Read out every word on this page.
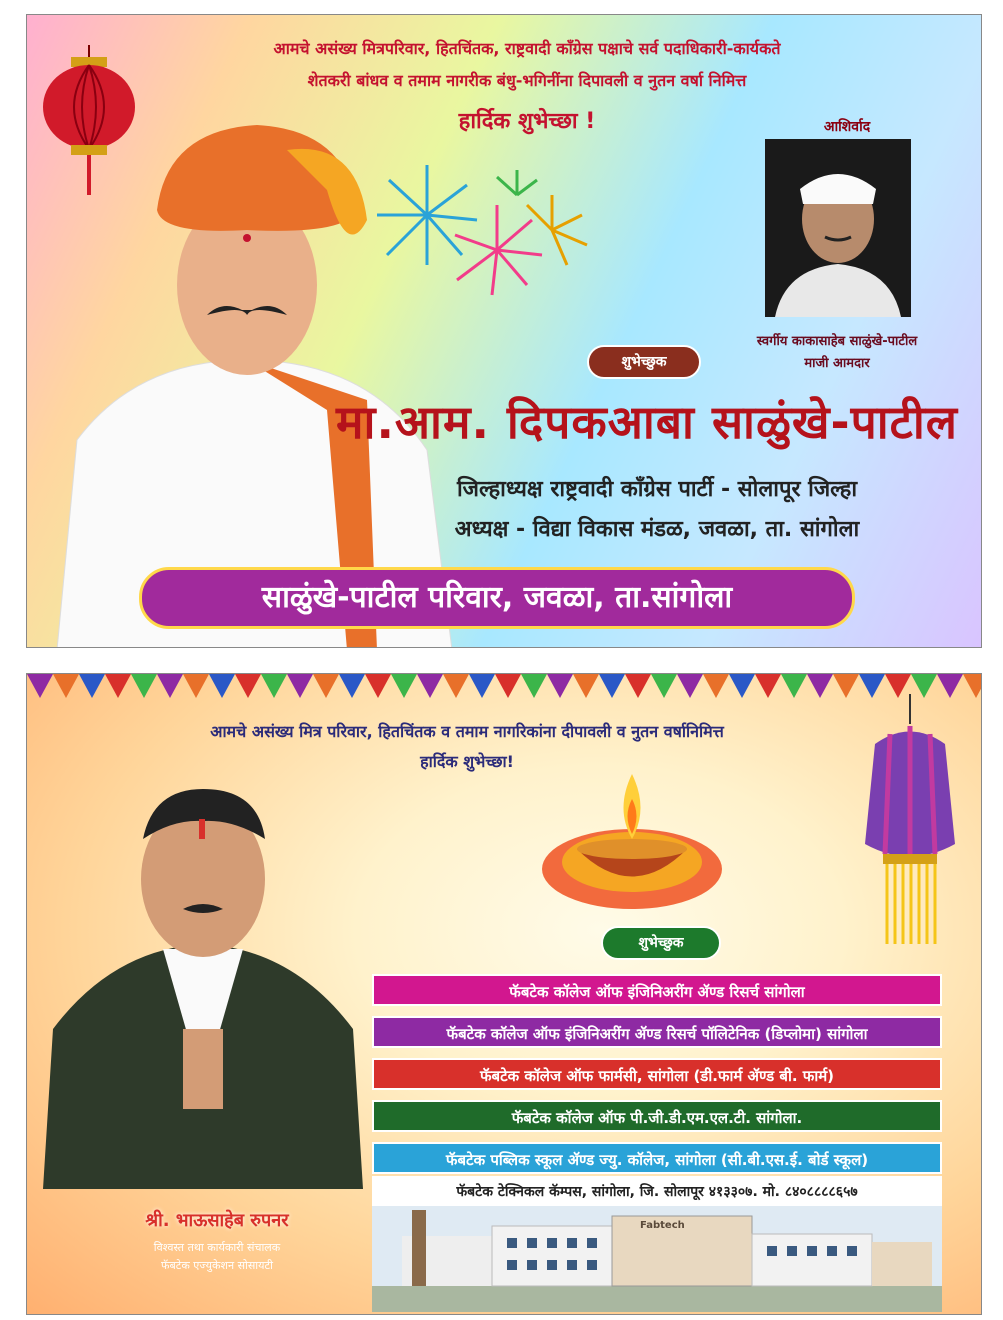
आमचे असंख्य मित्रपरिवार, हितचिंतक, राष्ट्रवादी कॉंग्रेस पक्षाचे सर्व पदाधिकारी-कार्यकते
शेतकरी बांधव व तमाम नागरीक बंधु-भगिनींना दिपावली व नुतन वर्षा निमित्त
हार्दिक शुभेच्छा !	आशिर्वाद
स्वर्गीय काकासाहेब साळुंखे-पाटील
माजी आमदार
शुभेच्छुक
मा.आम. दिपकआबा साळुंखे-पाटील
जिल्हाध्यक्ष राष्ट्रवादी कॉंग्रेस पार्टी - सोलापूर जिल्हा
अध्यक्ष - विद्या विकास मंडळ, जवळा, ता. सांगोला
साळुंखे-पाटील परिवार, जवळा, ता.सांगोला
आमचे असंख्य मित्र परिवार, हितचिंतक व तमाम नागरिकांना दीपावली व नुतन वर्षानिमित्त
हार्दिक शुभेच्छा!
शुभेच्छुक
श्री. भाऊसाहेब रुपनर
विश्वस्त तथा कार्यकारी संचालक
फॅबटेक एज्युकेशन सोसायटी
फॅबटेक कॉलेज ऑफ इंजिनिअरींग ॲण्ड रिसर्च सांगोला
फॅबटेक कॉलेज ऑफ इंजिनिअरींग ॲण्ड रिसर्च पॉलिटेनिक (डिप्लोमा) सांगोला
फॅबटेक कॉलेज ऑफ फार्मसी, सांगोला (डी.फार्म ॲण्ड बी. फार्म)
फॅबटेक कॉलेज ऑफ पी.जी.डी.एम.एल.टी. सांगोला.
फॅबटेक पब्लिक स्कूल ॲण्ड ज्यु. कॉलेज, सांगोला (सी.बी.एस.ई. बोर्ड स्कूल)
फॅबटेक टेक्निकल कॅम्पस, सांगोला, जि. सोलापूर ४१३३०७. मो. ८४०८८८८६५७
Fabtech
